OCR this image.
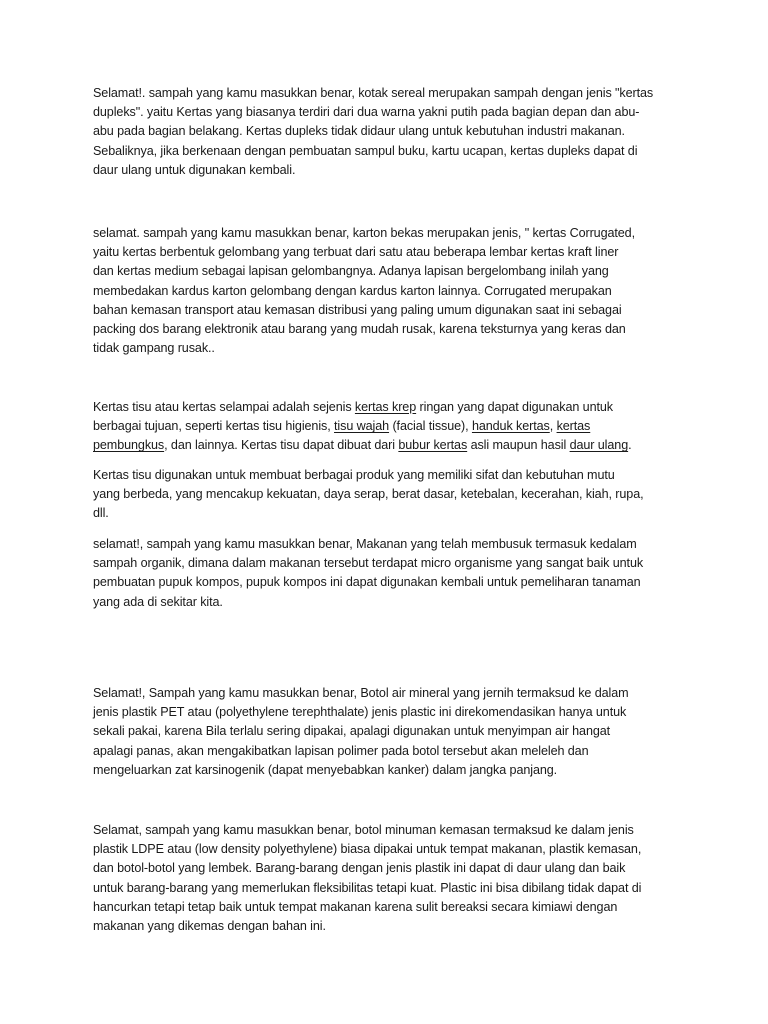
Selamat!. sampah yang kamu masukkan benar, kotak sereal merupakan sampah dengan jenis "kertas
dupleks". yaitu Kertas yang biasanya terdiri dari dua warna yakni putih pada bagian depan dan abu-
abu pada bagian belakang. Kertas dupleks tidak didaur ulang untuk kebutuhan industri makanan.
Sebaliknya, jika berkenaan dengan pembuatan sampul buku, kartu ucapan, kertas dupleks dapat di
daur ulang untuk digunakan kembali.

selamat. sampah yang kamu masukkan benar, karton bekas merupakan jenis, " kertas Corrugated,
yaitu kertas berbentuk gelombang yang terbuat dari satu atau beberapa lembar kertas kraft liner
dan kertas medium sebagai lapisan gelombangnya. Adanya lapisan bergelombang inilah yang
membedakan kardus karton gelombang dengan kardus karton lainnya. Corrugated merupakan
bahan kemasan transport atau kemasan distribusi yang paling umum digunakan saat ini sebagai
packing dos barang elektronik atau barang yang mudah rusak, karena teksturnya yang keras dan
tidak gampang rusak..

Kertas tisu atau kertas selampai adalah sejenis kertas krep ringan yang dapat digunakan untuk
berbagai tujuan, seperti kertas tisu higienis, tisu wajah (facial tissue), handuk kertas, kertas
pembungkus, dan lainnya. Kertas tisu dapat dibuat dari bubur kertas asli maupun hasil daur ulang.

Kertas tisu digunakan untuk membuat berbagai produk yang memiliki sifat dan kebutuhan mutu
yang berbeda, yang mencakup kekuatan, daya serap, berat dasar, ketebalan, kecerahan, kiah, rupa,
dll.

selamat!, sampah yang kamu masukkan benar, Makanan yang telah membusuk termasuk kedalam
sampah organik, dimana dalam makanan tersebut terdapat micro organisme yang sangat baik untuk
pembuatan pupuk kompos, pupuk kompos ini dapat digunakan kembali untuk pemeliharan tanaman
yang ada di sekitar kita.

Selamat!, Sampah yang kamu masukkan benar, Botol air mineral yang jernih termaksud ke dalam
jenis plastik PET atau (polyethylene terephthalate) jenis plastic ini direkomendasikan hanya untuk
sekali pakai, karena Bila terlalu sering dipakai, apalagi digunakan untuk menyimpan air hangat
apalagi panas, akan mengakibatkan lapisan polimer pada botol tersebut akan meleleh dan
mengeluarkan zat karsinogenik (dapat menyebabkan kanker) dalam jangka panjang.

Selamat, sampah yang kamu masukkan benar, botol minuman kemasan termaksud ke dalam jenis
plastik LDPE atau (low density polyethylene) biasa dipakai untuk tempat makanan, plastik kemasan,
dan botol-botol yang lembek. Barang-barang dengan jenis plastik ini dapat di daur ulang dan baik
untuk barang-barang yang memerlukan fleksibilitas tetapi kuat. Plastic ini bisa dibilang tidak dapat di
hancurkan tetapi tetap baik untuk tempat makanan karena sulit bereaksi secara kimiawi dengan
makanan yang dikemas dengan bahan ini.
